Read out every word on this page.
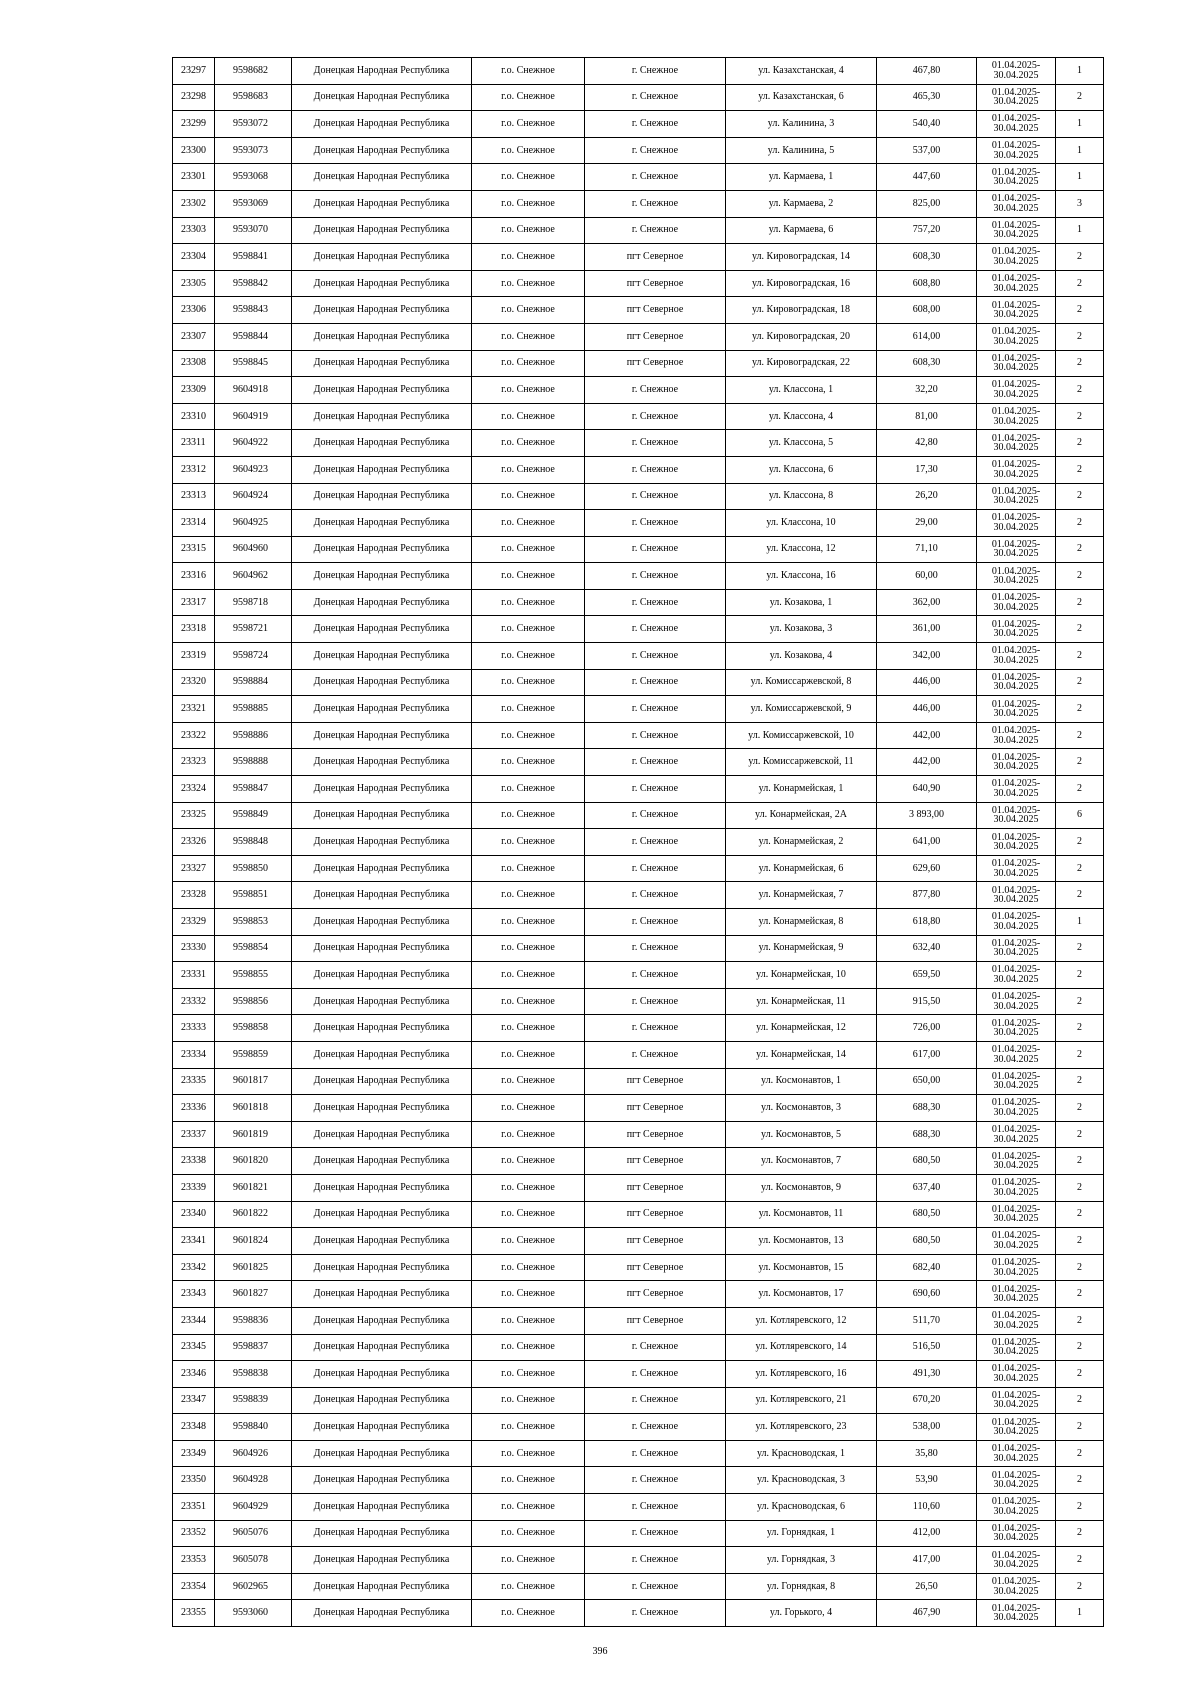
23297	9598682	Донецкая Народная Республика	г.о. Снежное	г. Снежное	ул. Казахстанская, 4	467,80	01.04.2025-
30.04.2025	1
23298	9598683	Донецкая Народная Республика	г.о. Снежное	г. Снежное	ул. Казахстанская, 6	465,30	01.04.2025-
30.04.2025	2
23299	9593072	Донецкая Народная Республика	г.о. Снежное	г. Снежное	ул. Калинина, 3	540,40	01.04.2025-
30.04.2025	1
23300	9593073	Донецкая Народная Республика	г.о. Снежное	г. Снежное	ул. Калинина, 5	537,00	01.04.2025-
30.04.2025	1
23301	9593068	Донецкая Народная Республика	г.о. Снежное	г. Снежное	ул. Кармаева, 1	447,60	01.04.2025-
30.04.2025	1
23302	9593069	Донецкая Народная Республика	г.о. Снежное	г. Снежное	ул. Кармаева, 2	825,00	01.04.2025-
30.04.2025	3
23303	9593070	Донецкая Народная Республика	г.о. Снежное	г. Снежное	ул. Кармаева, 6	757,20	01.04.2025-
30.04.2025	1
23304	9598841	Донецкая Народная Республика	г.о. Снежное	пгт Северное	ул. Кировоградская, 14	608,30	01.04.2025-
30.04.2025	2
23305	9598842	Донецкая Народная Республика	г.о. Снежное	пгт Северное	ул. Кировоградская, 16	608,80	01.04.2025-
30.04.2025	2
23306	9598843	Донецкая Народная Республика	г.о. Снежное	пгт Северное	ул. Кировоградская, 18	608,00	01.04.2025-
30.04.2025	2
23307	9598844	Донецкая Народная Республика	г.о. Снежное	пгт Северное	ул. Кировоградская, 20	614,00	01.04.2025-
30.04.2025	2
23308	9598845	Донецкая Народная Республика	г.о. Снежное	пгт Северное	ул. Кировоградская, 22	608,30	01.04.2025-
30.04.2025	2
23309	9604918	Донецкая Народная Республика	г.о. Снежное	г. Снежное	ул. Классона, 1	32,20	01.04.2025-
30.04.2025	2
23310	9604919	Донецкая Народная Республика	г.о. Снежное	г. Снежное	ул. Классона, 4	81,00	01.04.2025-
30.04.2025	2
23311	9604922	Донецкая Народная Республика	г.о. Снежное	г. Снежное	ул. Классона, 5	42,80	01.04.2025-
30.04.2025	2
23312	9604923	Донецкая Народная Республика	г.о. Снежное	г. Снежное	ул. Классона, 6	17,30	01.04.2025-
30.04.2025	2
23313	9604924	Донецкая Народная Республика	г.о. Снежное	г. Снежное	ул. Классона, 8	26,20	01.04.2025-
30.04.2025	2
23314	9604925	Донецкая Народная Республика	г.о. Снежное	г. Снежное	ул. Классона, 10	29,00	01.04.2025-
30.04.2025	2
23315	9604960	Донецкая Народная Республика	г.о. Снежное	г. Снежное	ул. Классона, 12	71,10	01.04.2025-
30.04.2025	2
23316	9604962	Донецкая Народная Республика	г.о. Снежное	г. Снежное	ул. Классона, 16	60,00	01.04.2025-
30.04.2025	2
23317	9598718	Донецкая Народная Республика	г.о. Снежное	г. Снежное	ул. Козакова, 1	362,00	01.04.2025-
30.04.2025	2
23318	9598721	Донецкая Народная Республика	г.о. Снежное	г. Снежное	ул. Козакова, 3	361,00	01.04.2025-
30.04.2025	2
23319	9598724	Донецкая Народная Республика	г.о. Снежное	г. Снежное	ул. Козакова, 4	342,00	01.04.2025-
30.04.2025	2
23320	9598884	Донецкая Народная Республика	г.о. Снежное	г. Снежное	ул. Комиссаржевской, 8	446,00	01.04.2025-
30.04.2025	2
23321	9598885	Донецкая Народная Республика	г.о. Снежное	г. Снежное	ул. Комиссаржевской, 9	446,00	01.04.2025-
30.04.2025	2
23322	9598886	Донецкая Народная Республика	г.о. Снежное	г. Снежное	ул. Комиссаржевской, 10	442,00	01.04.2025-
30.04.2025	2
23323	9598888	Донецкая Народная Республика	г.о. Снежное	г. Снежное	ул. Комиссаржевской, 11	442,00	01.04.2025-
30.04.2025	2
23324	9598847	Донецкая Народная Республика	г.о. Снежное	г. Снежное	ул. Конармейская, 1	640,90	01.04.2025-
30.04.2025	2
23325	9598849	Донецкая Народная Республика	г.о. Снежное	г. Снежное	ул. Конармейская, 2А	3 893,00	01.04.2025-
30.04.2025	6
23326	9598848	Донецкая Народная Республика	г.о. Снежное	г. Снежное	ул. Конармейская, 2	641,00	01.04.2025-
30.04.2025	2
23327	9598850	Донецкая Народная Республика	г.о. Снежное	г. Снежное	ул. Конармейская, 6	629,60	01.04.2025-
30.04.2025	2
23328	9598851	Донецкая Народная Республика	г.о. Снежное	г. Снежное	ул. Конармейская, 7	877,80	01.04.2025-
30.04.2025	2
23329	9598853	Донецкая Народная Республика	г.о. Снежное	г. Снежное	ул. Конармейская, 8	618,80	01.04.2025-
30.04.2025	1
23330	9598854	Донецкая Народная Республика	г.о. Снежное	г. Снежное	ул. Конармейская, 9	632,40	01.04.2025-
30.04.2025	2
23331	9598855	Донецкая Народная Республика	г.о. Снежное	г. Снежное	ул. Конармейская, 10	659,50	01.04.2025-
30.04.2025	2
23332	9598856	Донецкая Народная Республика	г.о. Снежное	г. Снежное	ул. Конармейская, 11	915,50	01.04.2025-
30.04.2025	2
23333	9598858	Донецкая Народная Республика	г.о. Снежное	г. Снежное	ул. Конармейская, 12	726,00	01.04.2025-
30.04.2025	2
23334	9598859	Донецкая Народная Республика	г.о. Снежное	г. Снежное	ул. Конармейская, 14	617,00	01.04.2025-
30.04.2025	2
23335	9601817	Донецкая Народная Республика	г.о. Снежное	пгт Северное	ул. Космонавтов, 1	650,00	01.04.2025-
30.04.2025	2
23336	9601818	Донецкая Народная Республика	г.о. Снежное	пгт Северное	ул. Космонавтов, 3	688,30	01.04.2025-
30.04.2025	2
23337	9601819	Донецкая Народная Республика	г.о. Снежное	пгт Северное	ул. Космонавтов, 5	688,30	01.04.2025-
30.04.2025	2
23338	9601820	Донецкая Народная Республика	г.о. Снежное	пгт Северное	ул. Космонавтов, 7	680,50	01.04.2025-
30.04.2025	2
23339	9601821	Донецкая Народная Республика	г.о. Снежное	пгт Северное	ул. Космонавтов, 9	637,40	01.04.2025-
30.04.2025	2
23340	9601822	Донецкая Народная Республика	г.о. Снежное	пгт Северное	ул. Космонавтов, 11	680,50	01.04.2025-
30.04.2025	2
23341	9601824	Донецкая Народная Республика	г.о. Снежное	пгт Северное	ул. Космонавтов, 13	680,50	01.04.2025-
30.04.2025	2
23342	9601825	Донецкая Народная Республика	г.о. Снежное	пгт Северное	ул. Космонавтов, 15	682,40	01.04.2025-
30.04.2025	2
23343	9601827	Донецкая Народная Республика	г.о. Снежное	пгт Северное	ул. Космонавтов, 17	690,60	01.04.2025-
30.04.2025	2
23344	9598836	Донецкая Народная Республика	г.о. Снежное	пгт Северное	ул. Котляревского, 12	511,70	01.04.2025-
30.04.2025	2
23345	9598837	Донецкая Народная Республика	г.о. Снежное	г. Снежное	ул. Котляревского, 14	516,50	01.04.2025-
30.04.2025	2
23346	9598838	Донецкая Народная Республика	г.о. Снежное	г. Снежное	ул. Котляревского, 16	491,30	01.04.2025-
30.04.2025	2
23347	9598839	Донецкая Народная Республика	г.о. Снежное	г. Снежное	ул. Котляревского, 21	670,20	01.04.2025-
30.04.2025	2
23348	9598840	Донецкая Народная Республика	г.о. Снежное	г. Снежное	ул. Котляревского, 23	538,00	01.04.2025-
30.04.2025	2
23349	9604926	Донецкая Народная Республика	г.о. Снежное	г. Снежное	ул. Красноводская, 1	35,80	01.04.2025-
30.04.2025	2
23350	9604928	Донецкая Народная Республика	г.о. Снежное	г. Снежное	ул. Красноводская, 3	53,90	01.04.2025-
30.04.2025	2
23351	9604929	Донецкая Народная Республика	г.о. Снежное	г. Снежное	ул. Красноводская, 6	110,60	01.04.2025-
30.04.2025	2
23352	9605076	Донецкая Народная Республика	г.о. Снежное	г. Снежное	ул. Горнядкая, 1	412,00	01.04.2025-
30.04.2025	2
23353	9605078	Донецкая Народная Республика	г.о. Снежное	г. Снежное	ул. Горнядкая, 3	417,00	01.04.2025-
30.04.2025	2
23354	9602965	Донецкая Народная Республика	г.о. Снежное	г. Снежное	ул. Горнядкая, 8	26,50	01.04.2025-
30.04.2025	2
23355	9593060	Донецкая Народная Республика	г.о. Снежное	г. Снежное	ул. Горького, 4	467,90	01.04.2025-
30.04.2025	1
396
